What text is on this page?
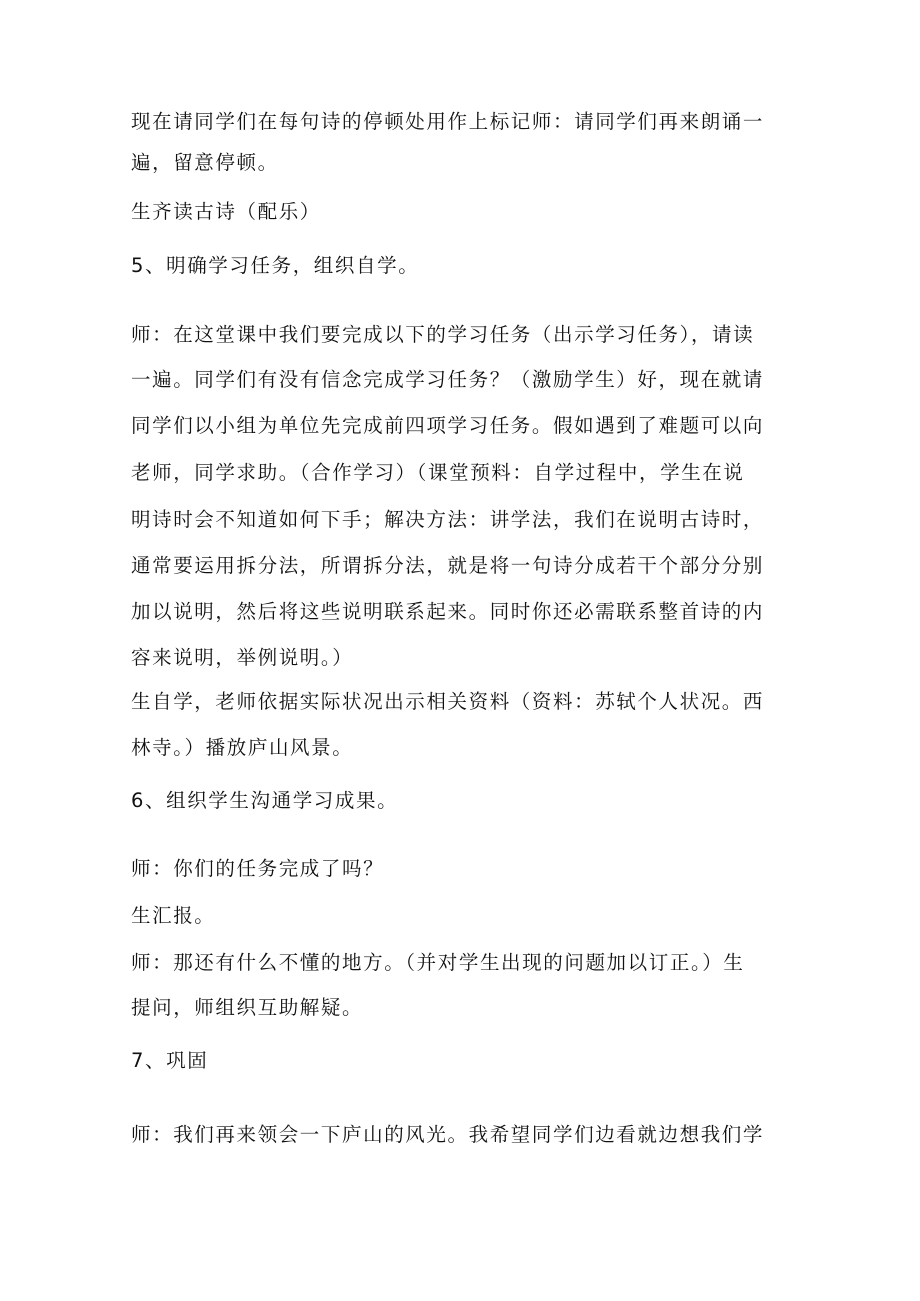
现在请同学们在每句诗的停顿处用作上标记师：请同学们再来朗诵一
遍，留意停顿。
生齐读古诗（配乐）
5、明确学习任务，组织自学。
师：在这堂课中我们要完成以下的学习任务（出示学习任务），请读
一遍。同学们有没有信念完成学习任务？（激励学生）好，现在就请
同学们以小组为单位先完成前四项学习任务。假如遇到了难题可以向
老师，同学求助。（合作学习）（课堂预料：自学过程中，学生在说
明诗时会不知道如何下手；解决方法：讲学法，我们在说明古诗时，
通常要运用拆分法，所谓拆分法，就是将一句诗分成若干个部分分别
加以说明，然后将这些说明联系起来。同时你还必需联系整首诗的内
容来说明，举例说明。）
生自学，老师依据实际状况出示相关资料（资料：苏轼个人状况。西
林寺。）播放庐山风景。
6、组织学生沟通学习成果。
师：你们的任务完成了吗？
生汇报。
师：那还有什么不懂的地方。（并对学生出现的问题加以订正。）生
提问，师组织互助解疑。
7、巩固
师：我们再来领会一下庐山的风光。我希望同学们边看就边想我们学
